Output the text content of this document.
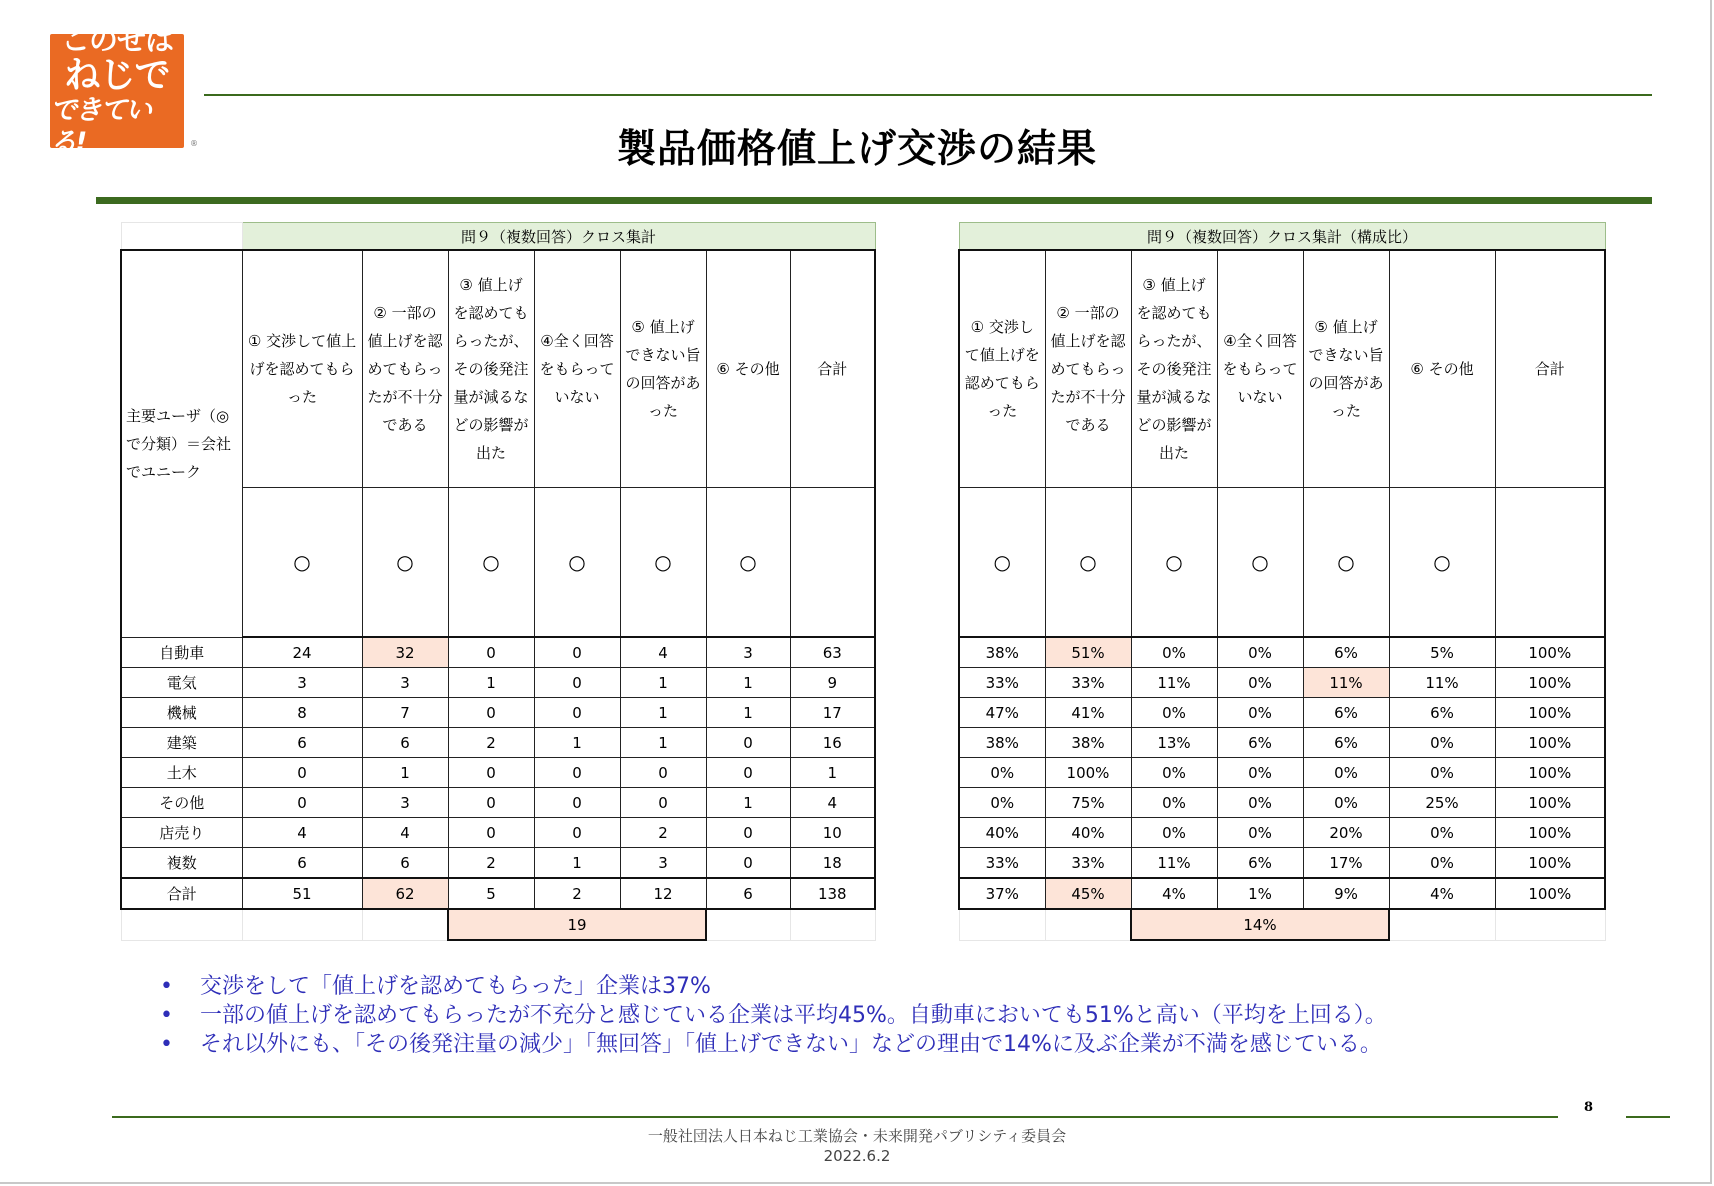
このせは
ねじで
できている!	®	製品価格値上げ交渉の結果
	問９（複数回答）クロス集計						
主要ユーザ（◎で分類）＝会社でユニーク	① 交渉して値上げを認めてもらった	② 一部の値上げを認めてもらったが不十分である	③ 値上げを認めてもらったが、その後発注量が減るなどの影響が出た	④全く回答をもらっていない	⑤ 値上げできない旨の回答があった	⑥ その他	合計
	○	○	○	○	○	○	
自動車	24	32	0	0	4	3	63
電気	3	3	1	0	1	1	9
機械	8	7	0	0	1	1	17
建築	6	6	2	1	1	0	16
土木	0	1	0	0	0	0	1
その他	0	3	0	0	0	1	4
店売り	4	4	0	0	2	0	10
複数	6	6	2	1	3	0	18
合計	51	62	5	2	12	6	138
			19				
問９（複数回答）クロス集計（構成比）						
① 交渉して値上げを認めてもらった	② 一部の値上げを認めてもらったが不十分である	③ 値上げを認めてもらったが、その後発注量が減るなどの影響が出た	④全く回答をもらっていない	⑤ 値上げできない旨の回答があった	⑥ その他	合計
○	○	○	○	○	○	
38%	51%	0%	0%	6%	5%	100%
33%	33%	11%	0%	11%	11%	100%
47%	41%	0%	0%	6%	6%	100%
38%	38%	13%	6%	6%	0%	100%
0%	100%	0%	0%	0%	0%	100%
0%	75%	0%	0%	0%	25%	100%
40%	40%	0%	0%	20%	0%	100%
33%	33%	11%	6%	17%	0%	100%
37%	45%	4%	1%	9%	4%	100%
		14%				
• 交渉をして「値上げを認めてもらった」企業は37%
• 一部の値上げを認めてもらったが不充分と感じている企業は平均45%。自動車においても51%と高い（平均を上回る）。
• それ以外にも、「その後発注量の減少」「無回答」「値上げできない」などの理由で14%に及ぶ企業が不満を感じている。
8
一般社団法人日本ねじ工業協会・未来開発パブリシティ委員会
2022.6.2
